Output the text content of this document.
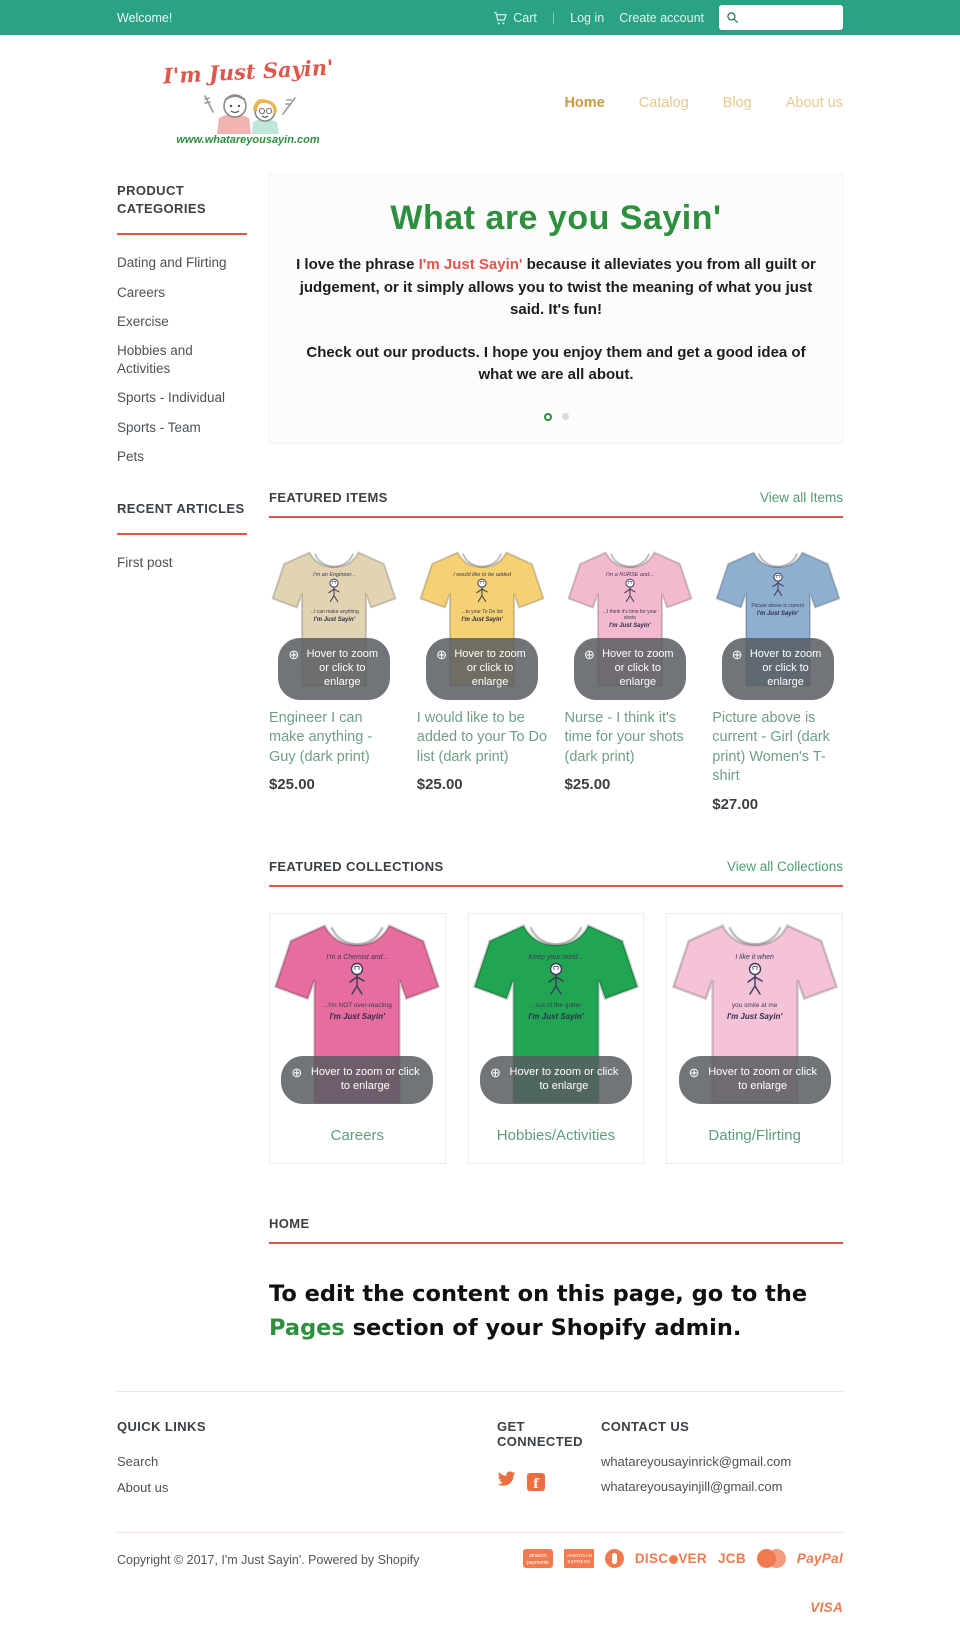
Welcome!	Cart | Log in Create account
I'm Just Sayin'
www.whatareyousayin.com
Home Catalog Blog About us
PRODUCT CATEGORIES
Dating and Flirting
Careers
Exercise
Hobbies and Activities
Sports - Individual
Sports - Team
Pets
RECENT ARTICLES
First post
What are you Sayin'

I love the phrase I'm Just Sayin' because it alleviates you from all guilt or judgement, or it simply allows you to twist the meaning of what you just said. It's fun!

Check out our products. I hope you enjoy them and get a good idea of what we are all about.

FEATURED ITEMS	View all Items
I'm an Engineer...
...I can make anything
I'm Just Sayin'
⊕ Hover to zoom or click to enlarge
Engineer I can make anything - Guy (dark print)
$25.00
I would like to be added
...to your To Do list
I'm Just Sayin'
⊕ Hover to zoom or click to enlarge
I would like to be added to your To Do list (dark print)
$25.00
I'm a NURSE and...
...I think it's time for your shots
I'm Just Sayin'
⊕ Hover to zoom or click to enlarge
Nurse - I think it's time for your shots (dark print)
$25.00
Picture above is current
I'm Just Sayin'
⊕ Hover to zoom or click to enlarge
Picture above is current - Girl (dark print) Women's T-shirt
$27.00
FEATURED COLLECTIONS	View all Collections
I'm a Chemist and...
...I'm NOT over-reacting
I'm Just Sayin'
⊕ Hover to zoom or click to enlarge
Careers
Keep your mind...
...out of the gutter
I'm Just Sayin'
⊕ Hover to zoom or click to enlarge
Hobbies/Activities
I like it when
you smile at me
I'm Just Sayin'
⊕ Hover to zoom or click to enlarge
Dating/Flirting
HOME
To edit the content on this page, go to the Pages section of your Shopify admin.
QUICK LINKS
Search
About us
GET CONNECTED
f
CONTACT US
whatareyousayinrick@gmail.com
whatareyousayinjill@gmail.com
Copyright © 2017, I'm Just Sayin'. Powered by Shopify	amazon payments
AMERICAN EXPRESS	DISC VER JCB	PayPal
VISA
